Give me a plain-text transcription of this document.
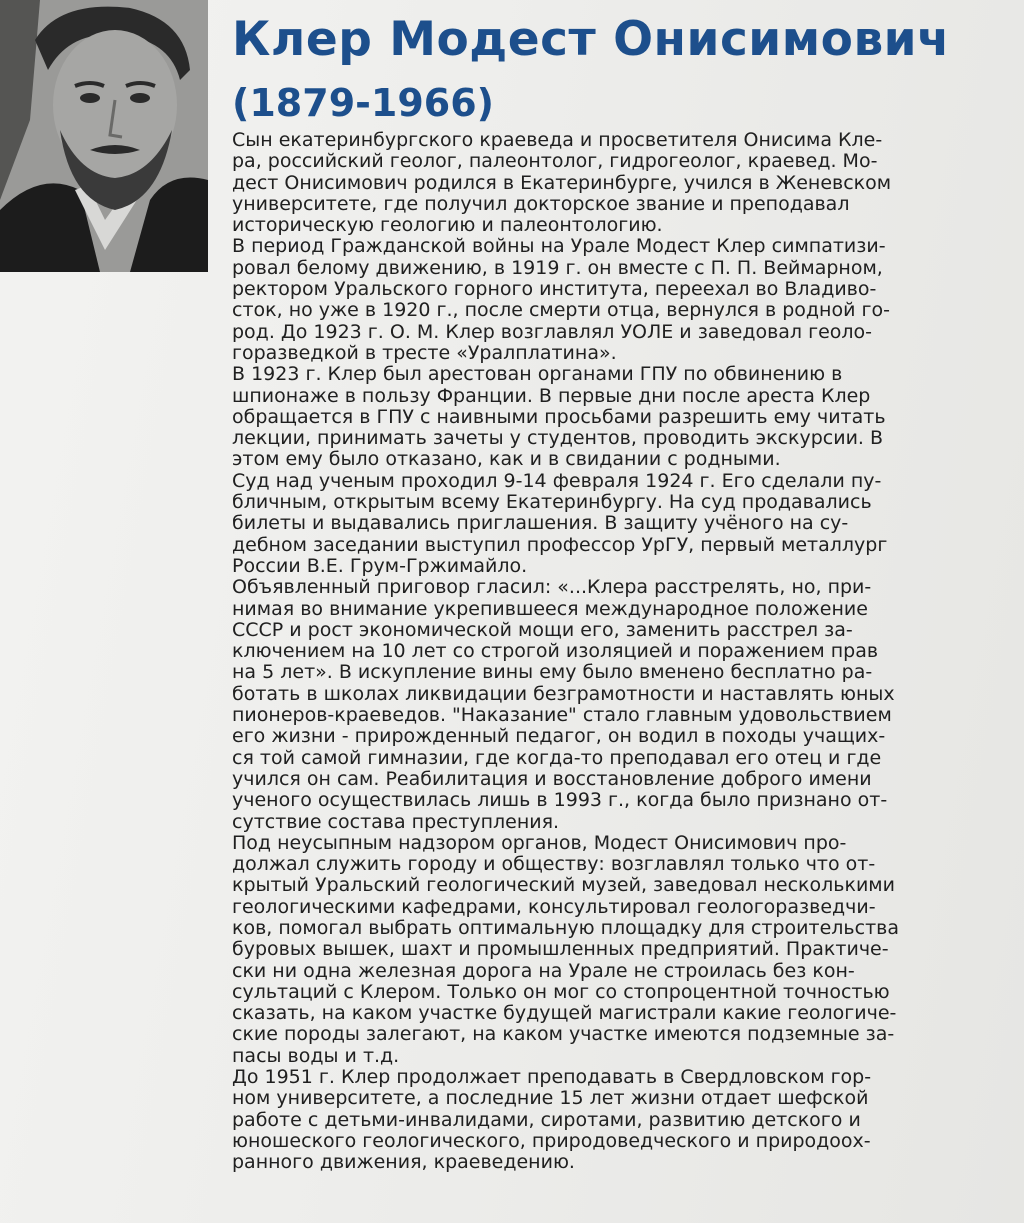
Клер Модест Онисимович
(1879-1966)
Сын екатеринбургского краеведа и просветителя Онисима Кле-
ра, российский геолог, палеонтолог, гидрогеолог, краевед. Мо-
дест Онисимович родился в Екатеринбурге, учился в Женевском
университете, где получил докторское звание и преподавал
историческую геологию и палеонтологию.
В период Гражданской войны на Урале Модест Клер симпатизи-
ровал белому движению, в 1919 г. он вместе с П. П. Веймарном,
ректором Уральского горного института, переехал во Владиво-
сток, но уже в 1920 г., после смерти отца, вернулся в родной го-
род. До 1923 г. О. М. Клер возглавлял УОЛЕ и заведовал геоло-
горазведкой в тресте «Уралплатина».
В 1923 г. Клер был арестован органами ГПУ по обвинению в
шпионаже в пользу Франции. В первые дни после ареста Клер
обращается в ГПУ с наивными просьбами разрешить ему читать
лекции, принимать зачеты у студентов, проводить экскурсии. В
этом ему было отказано, как и в свидании с родными.
Суд над ученым проходил 9-14 февраля 1924 г. Его сделали пу-
бличным, открытым всему Екатеринбургу. На суд продавались
билеты и выдавались приглашения. В защиту учёного на су-
дебном заседании выступил профессор УрГУ, первый металлург
России В.Е. Грум-Гржимайло.
Объявленный приговор гласил: «...Клера расстрелять, но, при-
нимая во внимание укрепившееся международное положение
СССР и рост экономической мощи его, заменить расстрел за-
ключением на 10 лет со строгой изоляцией и поражением прав
на 5 лет». В искупление вины ему было вменено бесплатно ра-
ботать в школах ликвидации безграмотности и наставлять юных
пионеров-краеведов. "Наказание" стало главным удовольствием
его жизни - прирожденный педагог, он водил в походы учащих-
ся той самой гимназии, где когда-то преподавал его отец и где
учился он сам. Реабилитация и восстановление доброго имени
ученого осуществилась лишь в 1993 г., когда было признано от-
сутствие состава преступления.
Под неусыпным надзором органов, Модест Онисимович про-
должал служить городу и обществу: возглавлял только что от-
крытый Уральский геологический музей, заведовал несколькими
геологическими кафедрами, консультировал геологоразведчи-
ков, помогал выбрать оптимальную площадку для строительства
буровых вышек, шахт и промышленных предприятий. Практиче-
ски ни одна железная дорога на Урале не строилась без кон-
сультаций с Клером. Только он мог со стопроцентной точностью
сказать, на каком участке будущей магистрали какие геологиче-
ские породы залегают, на каком участке имеются подземные за-
пасы воды и т.д.
До 1951 г. Клер продолжает преподавать в Свердловском гор-
ном университете, а последние 15 лет жизни отдает шефской
работе с детьми-инвалидами, сиротами, развитию детского и
юношеского геологического, природоведческого и природоох-
ранного движения, краеведению.
